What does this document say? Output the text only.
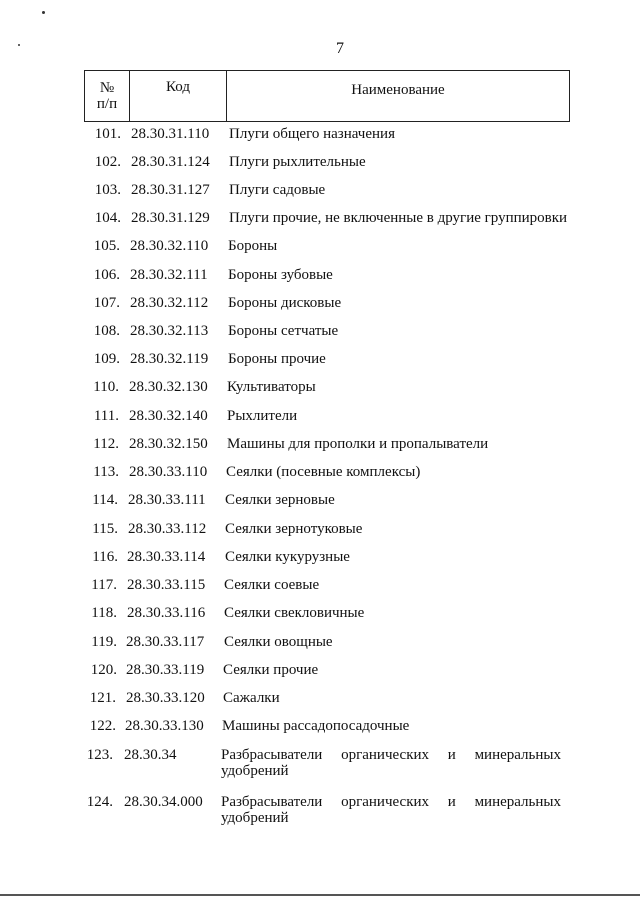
7
№
п/п
Код	Наименование
101. 28.30.31.110 Плуги общего назначения
102. 28.30.31.124 Плуги рыхлительные
103. 28.30.31.127 Плуги садовые
104. 28.30.31.129 Плуги прочие, не включенные в другие группировки
105. 28.30.32.110 Бороны
106. 28.30.32.111 Бороны зубовые
107. 28.30.32.112 Бороны дисковые
108. 28.30.32.113 Бороны сетчатые
109. 28.30.32.119 Бороны прочие
110. 28.30.32.130 Культиваторы
111. 28.30.32.140 Рыхлители
112. 28.30.32.150 Машины для прополки и пропалыватели
113. 28.30.33.110 Сеялки (посевные комплексы)
114. 28.30.33.111 Сеялки зерновые
115. 28.30.33.112 Сеялки зернотуковые
116. 28.30.33.114 Сеялки кукурузные
117. 28.30.33.115 Сеялки соевые
118. 28.30.33.116 Сеялки свекловичные
119. 28.30.33.117 Сеялки овощные
120. 28.30.33.119 Сеялки прочие
121. 28.30.33.120 Сажалки
122. 28.30.33.130 Машины рассадопосадочные
123. 28.30.34	Разбрасыватели органических и минеральных удобрений
124. 28.30.34.000 Разбрасыватели органических и минеральных удобрений
